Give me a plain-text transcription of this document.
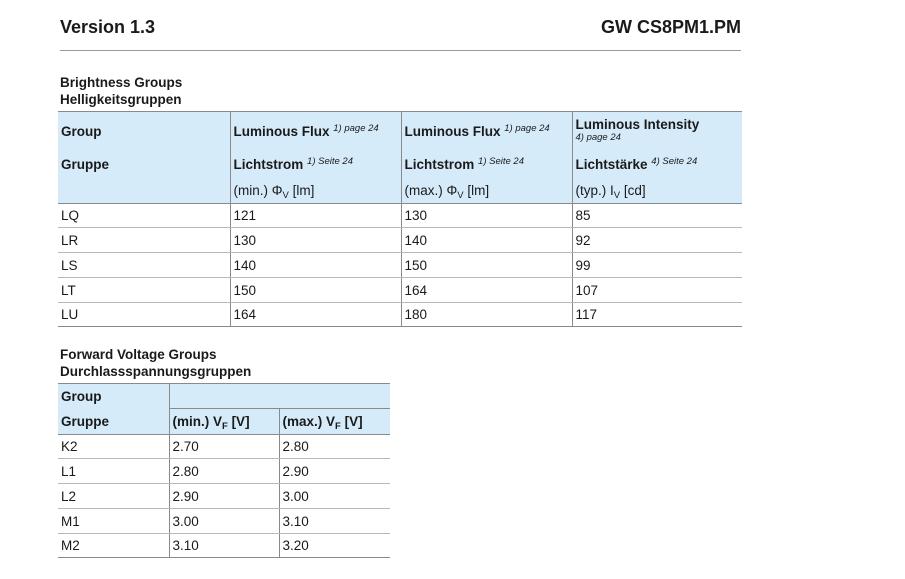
Version 1.3	GW CS8PM1.PM
Brightness Groups
Helligkeitsgruppen
Group	Luminous Flux $^{1) page 24}$	Luminous Flux $^{1) page 24}$	Luminous Intensity
4) page 24

Gruppe	Lichtstrom $^{1) Seite 24}$	Lichtstrom $^{1) Seite 24}$	Lichtstärke $^{4) Seite 24}$
	(min.) $\Phi_V$ [lm]	(max.) $\Phi_V$ [lm]	(typ.) $I_V$ [cd]
LQ	121	130	85
LR	130	140	92
LS	140	150	99
LT	150	164	107
LU	164	180	117
Forward Voltage Groups
Durchlassspannungsgruppen
Group		
Gruppe	(min.) $V_F$ [V]	(max.) $V_F$ [V]
K2	2.70	2.80
L1	2.80	2.90
L2	2.90	3.00
M1	3.00	3.10
M2	3.10	3.20
